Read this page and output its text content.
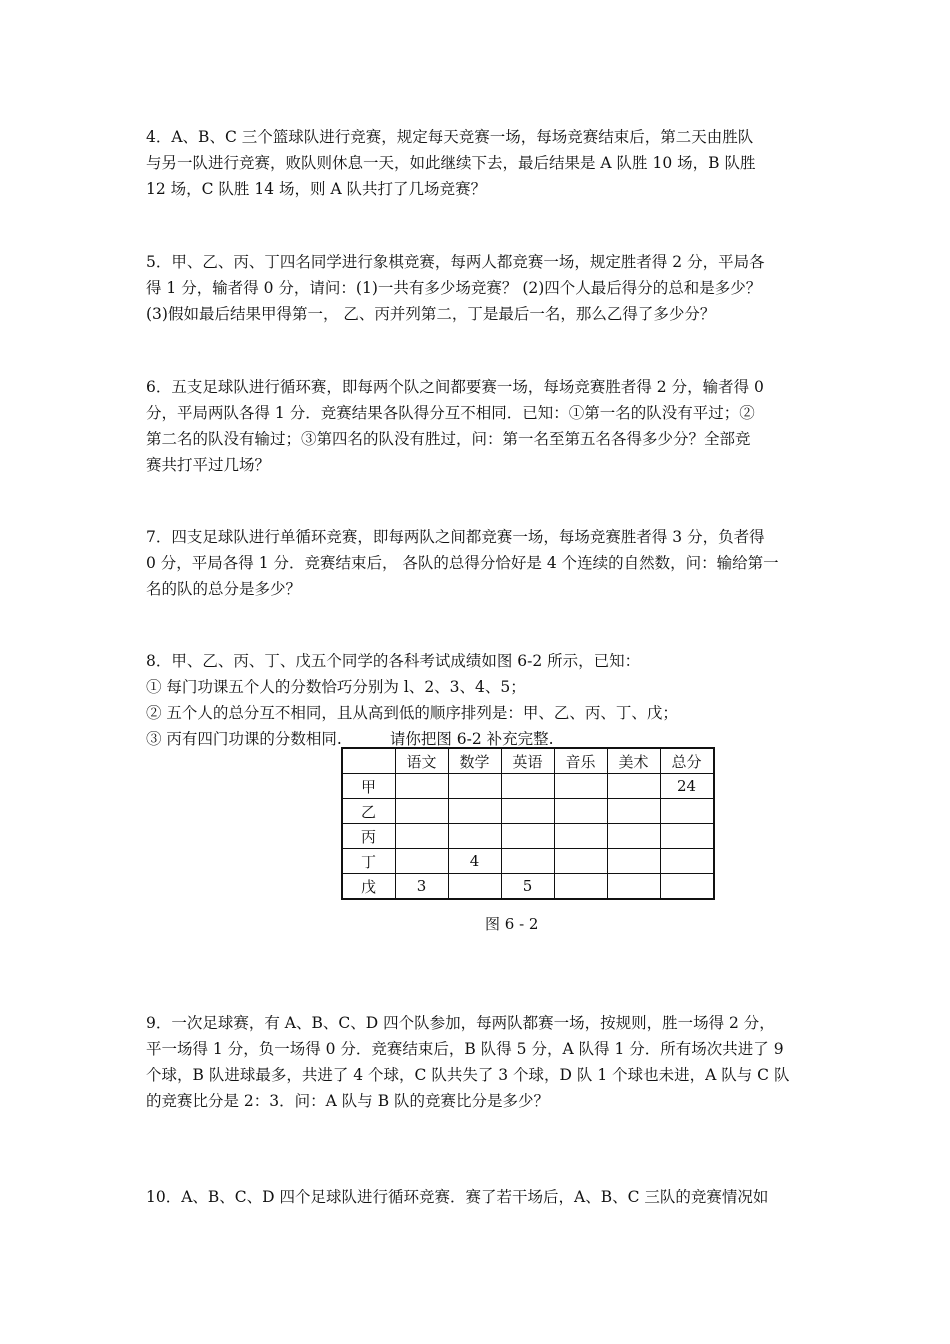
4．A、B、C 三个篮球队进行竞赛，规定每天竞赛一场，每场竞赛结束后，第二天由胜队

与另一队进行竞赛，败队则休息一天，如此继续下去，最后结果是 A 队胜 10 场，B 队胜

12 场，C 队胜 14 场，则 A 队共打了几场竞赛？

5．甲、乙、丙、丁四名同学进行象棋竞赛，每两人都竞赛一场，规定胜者得 2 分，平局各

得 1 分，输者得 0 分，请问：(1)一共有多少场竞赛？ (2)四个人最后得分的总和是多少？

(3)假如最后结果甲得第一， 乙、丙并列第二，丁是最后一名，那么乙得了多少分？

6．五支足球队进行循环赛，即每两个队之间都要赛一场，每场竞赛胜者得 2 分，输者得 0

分，平局两队各得 1 分．竞赛结果各队得分互不相同．已知：①第一名的队没有平过；②

第二名的队没有输过；③第四名的队没有胜过，问：第一名至第五名各得多少分？全部竞

赛共打平过几场？

7．四支足球队进行单循环竞赛，即每两队之间都竞赛一场，每场竞赛胜者得 3 分，负者得

0 分，平局各得 1 分．竞赛结束后， 各队的总得分恰好是 4 个连续的自然数，问：输给第一

名的队的总分是多少？

8．甲、乙、丙、丁、戊五个同学的各科考试成绩如图 6-2 所示，已知：

① 每门功课五个人的分数恰巧分别为 l、2、3、4、5；

② 五个人的总分互不相同，且从高到低的顺序排列是：甲、乙、丙、丁、戊；

③ 丙有四门功课的分数相同.	请你把图 6-2 补充完整.

	语文	数学	英语	音乐	美术	总分
甲						24
乙						
丙						
丁		4				
戊	3		5			
图 6 - 2

9．一次足球赛，有 A、B、C、D 四个队参加，每两队都赛一场，按规则，胜一场得 2 分，

平一场得 1 分，负一场得 0 分．竞赛结束后，B 队得 5 分，A 队得 1 分．所有场次共进了 9

个球，B 队进球最多，共进了 4 个球，C 队共失了 3 个球，D 队 1 个球也未进，A 队与 C 队

的竞赛比分是 2：3．问：A 队与 B 队的竞赛比分是多少？

10．A、B、C、D 四个足球队进行循环竞赛．赛了若干场后，A、B、C 三队的竞赛情况如
